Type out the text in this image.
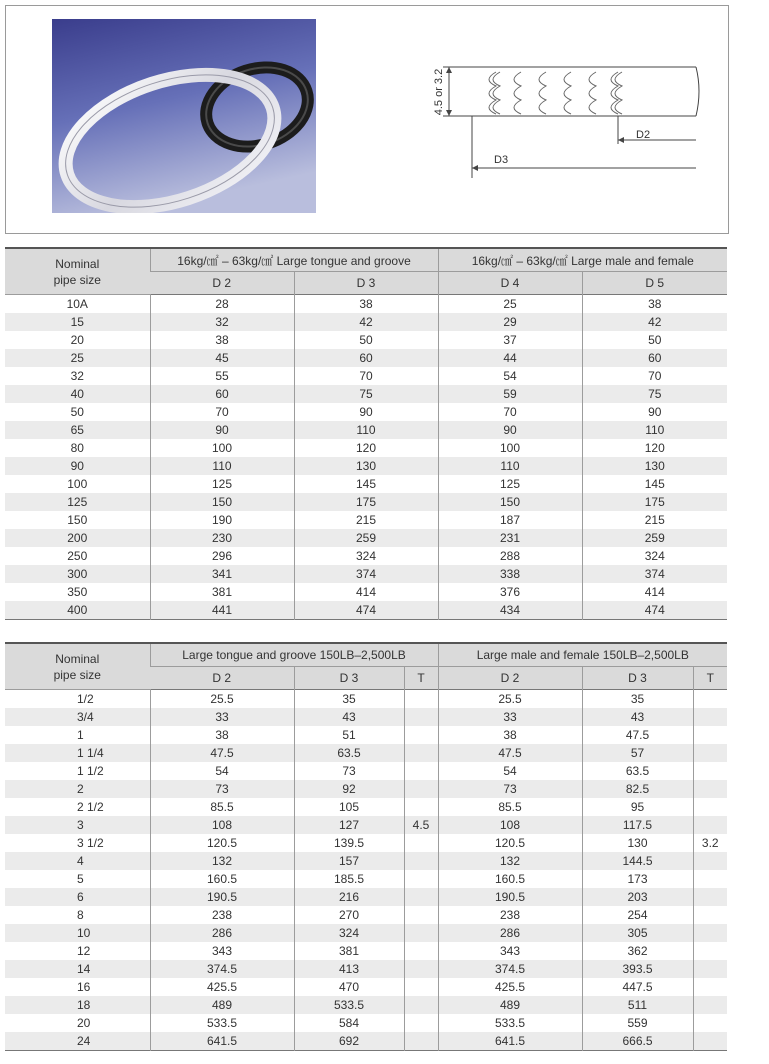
4.5 or 3.2
D2
D3
Nominal
pipe size	16kg/㎠ – 63kg/㎠ Large tongue and groove		16kg/㎠ – 63kg/㎠ Large male and female	
	D 2	D 3	D 4	D 5
10A	28	38	25	38
15	32	42	29	42
20	38	50	37	50
25	45	60	44	60
32	55	70	54	70
40	60	75	59	75
50	70	90	70	90
65	90	110	90	110
80	100	120	100	120
90	110	130	110	130
100	125	145	125	145
125	150	175	150	175
150	190	215	187	215
200	230	259	231	259
250	296	324	288	324
300	341	374	338	374
350	381	414	376	414
400	441	474	434	474
Nominal
pipe size	Large tongue and groove 150LB–2,500LB			Large male and female 150LB–2,500LB		
	D 2	D 3	T	D 2	D 3	T
1/2	25.5	35		25.5	35	
3/4	33	43		33	43	
1	38	51		38	47.5	
1 1/4	47.5	63.5		47.5	57	
1 1/2	54	73		54	63.5	
2	73	92		73	82.5	
2 1/2	85.5	105		85.5	95	
3	108	127	4.5	108	117.5	
3 1/2	120.5	139.5		120.5	130	3.2
4	132	157		132	144.5	
5	160.5	185.5		160.5	173	
6	190.5	216		190.5	203	
8	238	270		238	254	
10	286	324		286	305	
12	343	381		343	362	
14	374.5	413		374.5	393.5	
16	425.5	470		425.5	447.5	
18	489	533.5		489	511	
20	533.5	584		533.5	559	
24	641.5	692		641.5	666.5	
